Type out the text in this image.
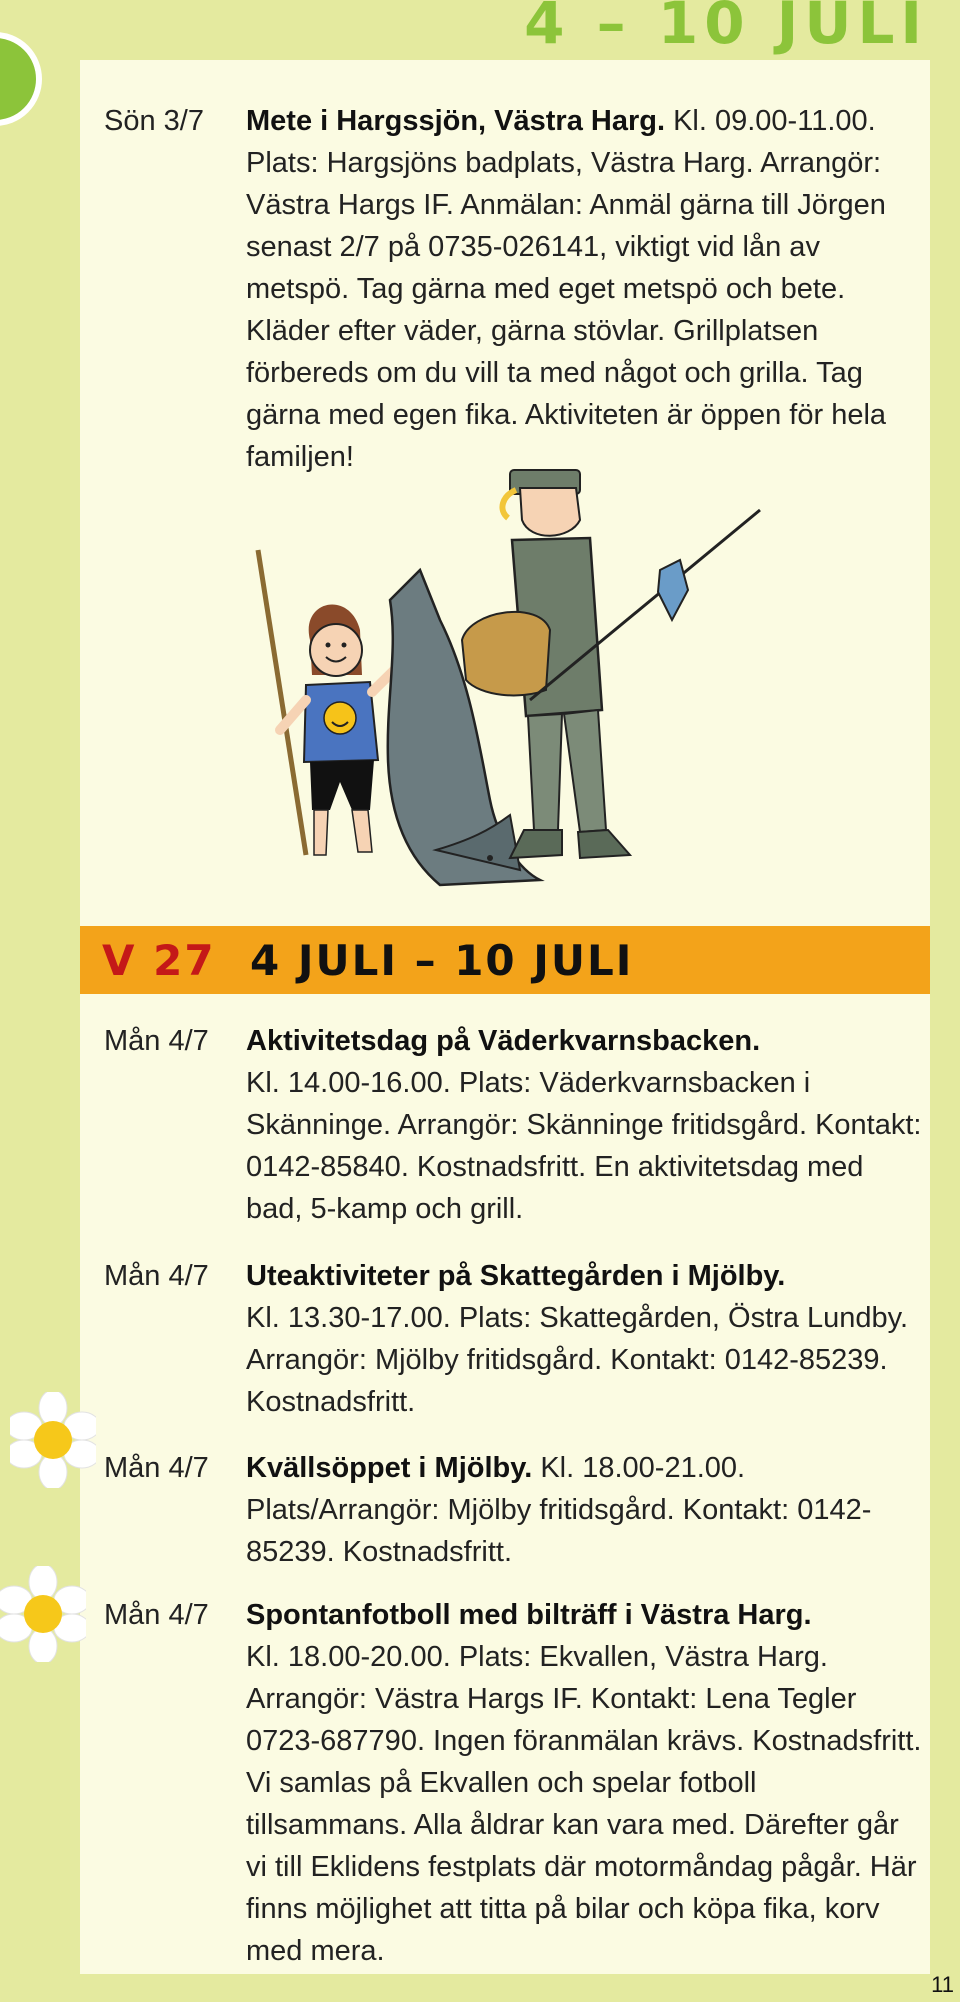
4 – 10 JULI
Sön 3/7 Mete i Hargssjön, Västra Harg. Kl. 09.00-11.00. Plats: Hargsjöns badplats, Västra Harg. Arrangör: Västra Hargs IF. Anmälan: Anmäl gärna till Jörgen senast 2/7 på 0735-026141, viktigt vid lån av metspö. Tag gärna med eget metspö och bete. Kläder efter väder, gärna stövlar. Grillplatsen förbereds om du vill ta med något och grilla. Tag gärna med egen fika. Aktiviteten är öppen för hela familjen!
V 27 4 JULI – 10 JULI
Mån 4/7 Aktivitetsdag på Väderkvarnsbacken.
Kl. 14.00-16.00. Plats: Väderkvarnsbacken i Skänninge. Arrangör: Skänninge fritidsgård. Kontakt: 0142-85840. Kostnadsfritt. En aktivitetsdag med bad, 5-kamp och grill.
Mån 4/7 Uteaktiviteter på Skattegården i Mjölby.
Kl. 13.30-17.00. Plats: Skattegården, Östra Lundby. Arrangör: Mjölby fritidsgård. Kontakt: 0142-85239. Kostnadsfritt.
Mån 4/7 Kvällsöppet i Mjölby. Kl. 18.00-21.00. Plats/Arrangör: Mjölby fritidsgård. Kontakt: 0142-85239. Kostnadsfritt.
Mån 4/7 Spontanfotboll med bilträff i Västra Harg.
Kl. 18.00-20.00. Plats: Ekvallen, Västra Harg. Arrangör: Västra Hargs IF. Kontakt: Lena Tegler 0723-687790. Ingen föranmälan krävs. Kostnadsfritt. Vi samlas på Ekvallen och spelar fotboll tillsammans. Alla åldrar kan vara med. Därefter går vi till Eklidens festplats där motormåndag pågår. Här finns möjlighet att titta på bilar och köpa fika, korv med mera.
11
